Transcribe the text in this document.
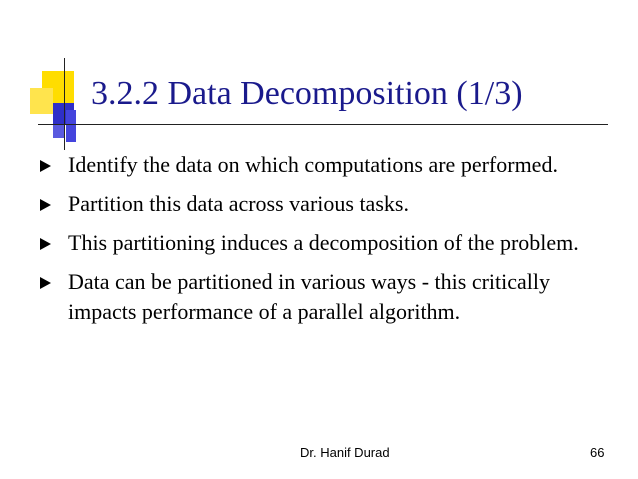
3.2.2 Data Decomposition (1/3)
Identify the data on which computations are performed.
Partition this data across various tasks.
This partitioning induces a decomposition of the problem.
Data can be partitioned in various ways - this critically impacts performance of a parallel algorithm.
Dr. Hanif Durad	66
